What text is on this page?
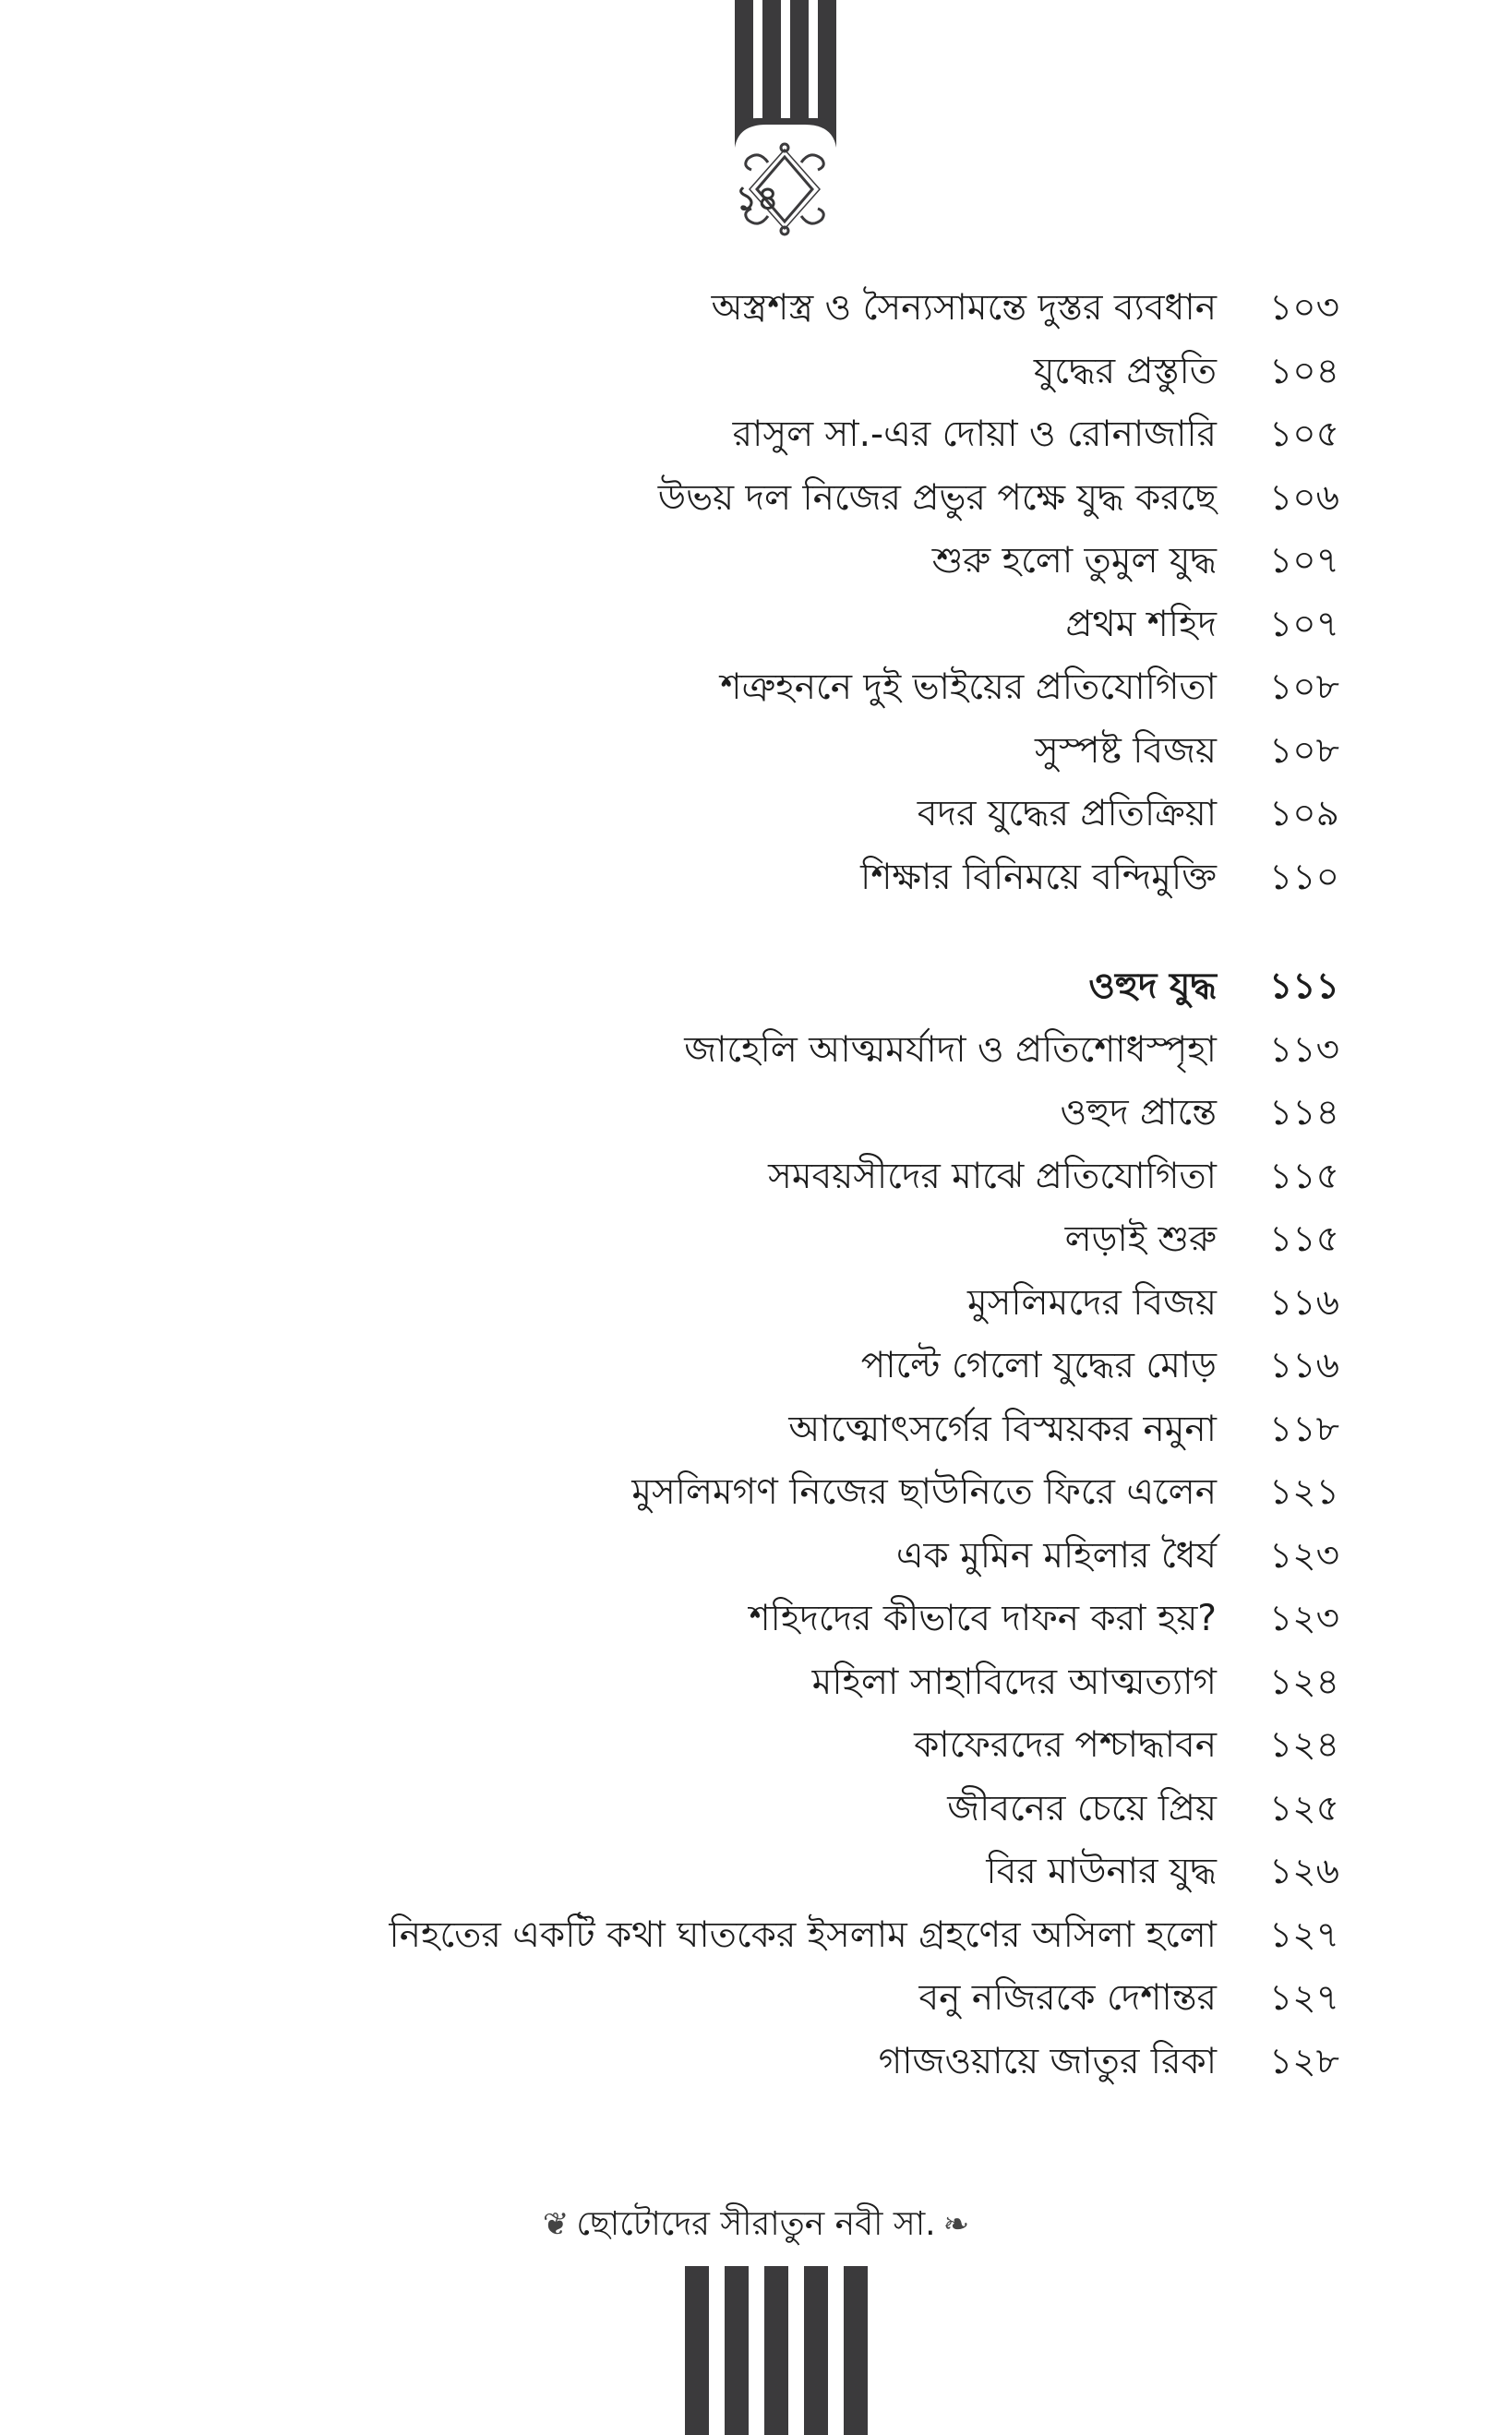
১৪
অস্ত্রশস্ত্র ও সৈন্যসামন্তে দুস্তর ব্যবধান ১০৩
যুদ্ধের প্রস্তুতি ১০৪
রাসুল সা.-এর দোয়া ও রোনাজারি ১০৫
উভয় দল নিজের প্রভুর পক্ষে যুদ্ধ করছে ১০৬
শুরু হলো তুমুল যুদ্ধ ১০৭
প্রথম শহিদ ১০৭
শত্রুহননে দুই ভাইয়ের প্রতিযোগিতা ১০৮
সুস্পষ্ট বিজয় ১০৮
বদর যুদ্ধের প্রতিক্রিয়া ১০৯
শিক্ষার বিনিময়ে বন্দিমুক্তি ১১০
ওহুদ যুদ্ধ ১১১
জাহেলি আত্মমর্যাদা ও প্রতিশোধস্পৃহা ১১৩
ওহুদ প্রান্তে ১১৪
সমবয়সীদের মাঝে প্রতিযোগিতা ১১৫
লড়াই শুরু ১১৫
মুসলিমদের বিজয় ১১৬
পাল্টে গেলো যুদ্ধের মোড় ১১৬
আত্মোৎসর্গের বিস্ময়কর নমুনা ১১৮
মুসলিমগণ নিজের ছাউনিতে ফিরে এলেন ১২১
এক মুমিন মহিলার ধৈর্য ১২৩
শহিদদের কীভাবে দাফন করা হয়? ১২৩
মহিলা সাহাবিদের আত্মত্যাগ ১২৪
কাফেরদের পশ্চাদ্ধাবন ১২৪
জীবনের চেয়ে প্রিয় ১২৫
বির মাউনার যুদ্ধ ১২৬
নিহতের একটি কথা ঘাতকের ইসলাম গ্রহণের অসিলা হলো ১২৭
বনু নজিরকে দেশান্তর ১২৭
গাজওয়ায়ে জাতুর রিকা ১২৮
❦ ছোটোদের সীরাতুন নবী সা. ❧
